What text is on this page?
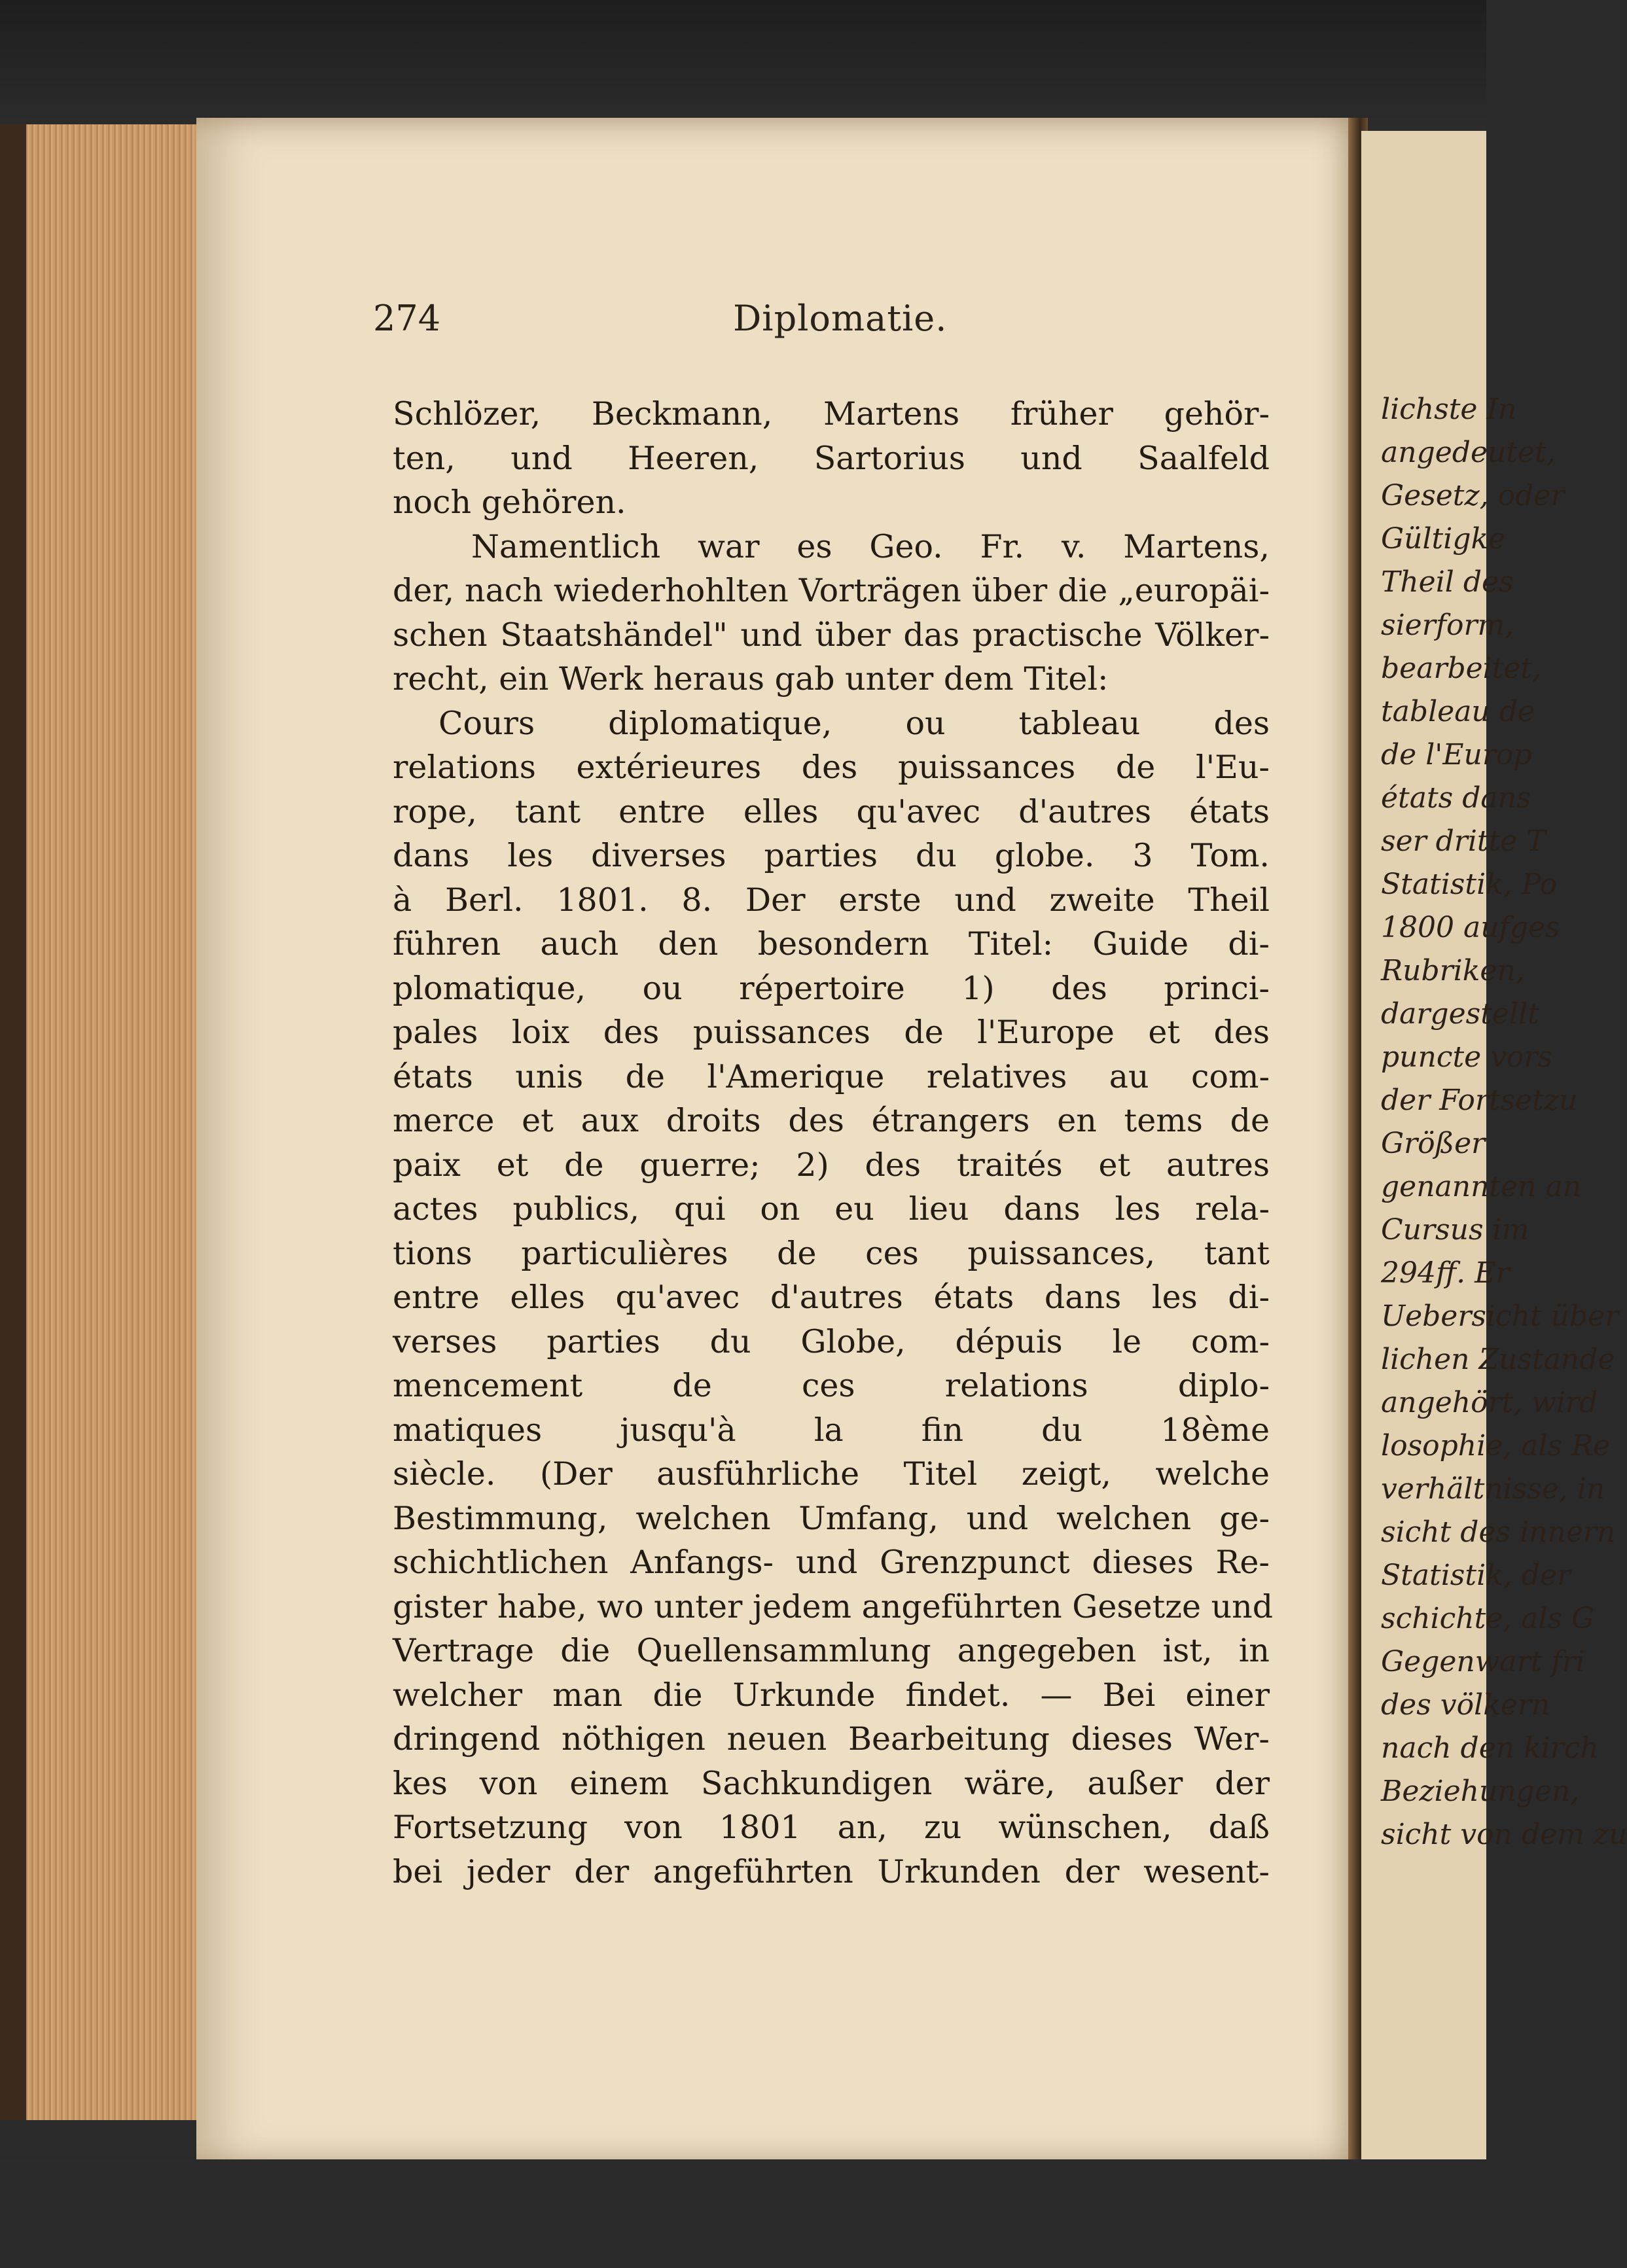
lichste In
angedeutet,
Gesetz, oder
Gültigke
Theil des
sierform,
bearbeitet,
tableau de
de l'Europ
états dans
ser dritte T
Statistik, Po
1800 aufges
Rubriken,
dargestellt
puncte vors
der Fortsetzu
Größer
genannten an
Cursus im
294ff. Er
Uebersicht über
lichen Zustande
angehört, wird
losophie, als Re
verhältnisse, in
sicht des innern
Statistik, der
schichte, als G
Gegenwart fri
des völkern
nach den kirch
Beziehungen,
sicht von dem zu
274	Diplomatie.
Schlözer, Beckmann, Martens früher gehör-
ten, und Heeren, Sartorius und Saalfeld
noch gehören.
Namentlich war es Geo. Fr. v. Martens,
der, nach wiederhohlten Vorträgen über die „europäi-
schen Staatshändel" und über das practische Völker-
recht, ein Werk heraus gab unter dem Titel:
Cours diplomatique, ou tableau des
relations extérieures des puissances de l'Eu-
rope, tant entre elles qu'avec d'autres états
dans les diverses parties du globe. 3 Tom.
à Berl. 1801. 8. Der erste und zweite Theil
führen auch den besondern Titel: Guide di-
plomatique, ou répertoire 1) des princi-
pales loix des puissances de l'Europe et des
états unis de l'Amerique relatives au com-
merce et aux droits des étrangers en tems de
paix et de guerre; 2) des traités et autres
actes publics, qui on eu lieu dans les rela-
tions particulières de ces puissances, tant
entre elles qu'avec d'autres états dans les di-
verses parties du Globe, dépuis le com-
mencement de ces relations diplo-
matiques jusqu'à la fin du 18ème
siècle. (Der ausführliche Titel zeigt, welche
Bestimmung, welchen Umfang, und welchen ge-
schichtlichen Anfangs- und Grenzpunct dieses Re-
gister habe, wo unter jedem angeführten Gesetze und
Vertrage die Quellensammlung angegeben ist, in
welcher man die Urkunde findet. — Bei einer
dringend nöthigen neuen Bearbeitung dieses Wer-
kes von einem Sachkundigen wäre, außer der
Fortsetzung von 1801 an, zu wünschen, daß
bei jeder der angeführten Urkunden der wesent-
